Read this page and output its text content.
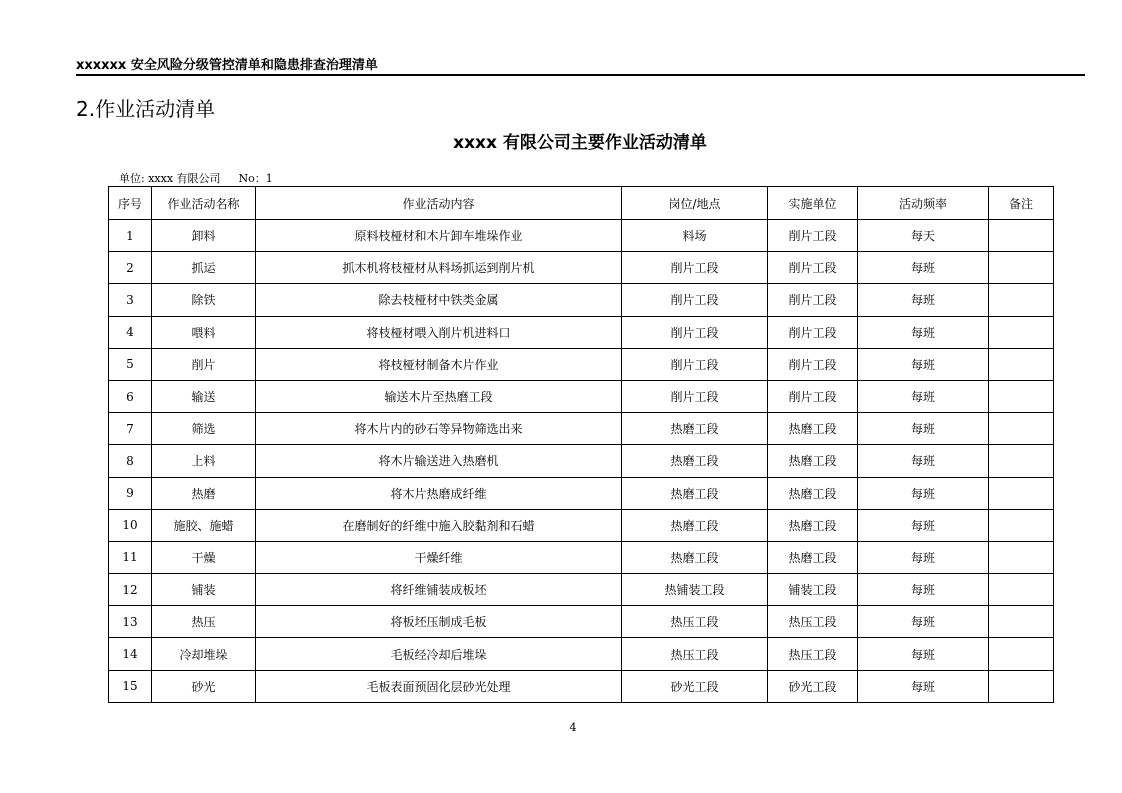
xxxxxx 安全风险分级管控清单和隐患排查治理清单
2.作业活动清单
xxxx 有限公司主要作业活动清单
单位: xxxx 有限公司 No：1
序号	作业活动名称	作业活动内容	岗位/地点	实施单位	活动频率	备注
1	卸料	原料枝桠材和木片卸车堆垛作业	料场	削片工段	每天	
2	抓运	抓木机将枝桠材从料场抓运到削片机	削片工段	削片工段	每班	
3	除铁	除去枝桠材中铁类金属	削片工段	削片工段	每班	
4	喂料	将枝桠材喂入削片机进料口	削片工段	削片工段	每班	
5	削片	将枝桠材制备木片作业	削片工段	削片工段	每班	
6	输送	输送木片至热磨工段	削片工段	削片工段	每班	
7	筛选	将木片内的砂石等异物筛选出来	热磨工段	热磨工段	每班	
8	上料	将木片输送进入热磨机	热磨工段	热磨工段	每班	
9	热磨	将木片热磨成纤维	热磨工段	热磨工段	每班	
10	施胶、施蜡	在磨制好的纤维中施入胶黏剂和石蜡	热磨工段	热磨工段	每班	
11	干燥	干燥纤维	热磨工段	热磨工段	每班	
12	铺装	将纤维铺装成板坯	热铺装工段	铺装工段	每班	
13	热压	将板坯压制成毛板	热压工段	热压工段	每班	
14	冷却堆垛	毛板经冷却后堆垛	热压工段	热压工段	每班	
15	砂光	毛板表面预固化层砂光处理	砂光工段	砂光工段	每班	
4
